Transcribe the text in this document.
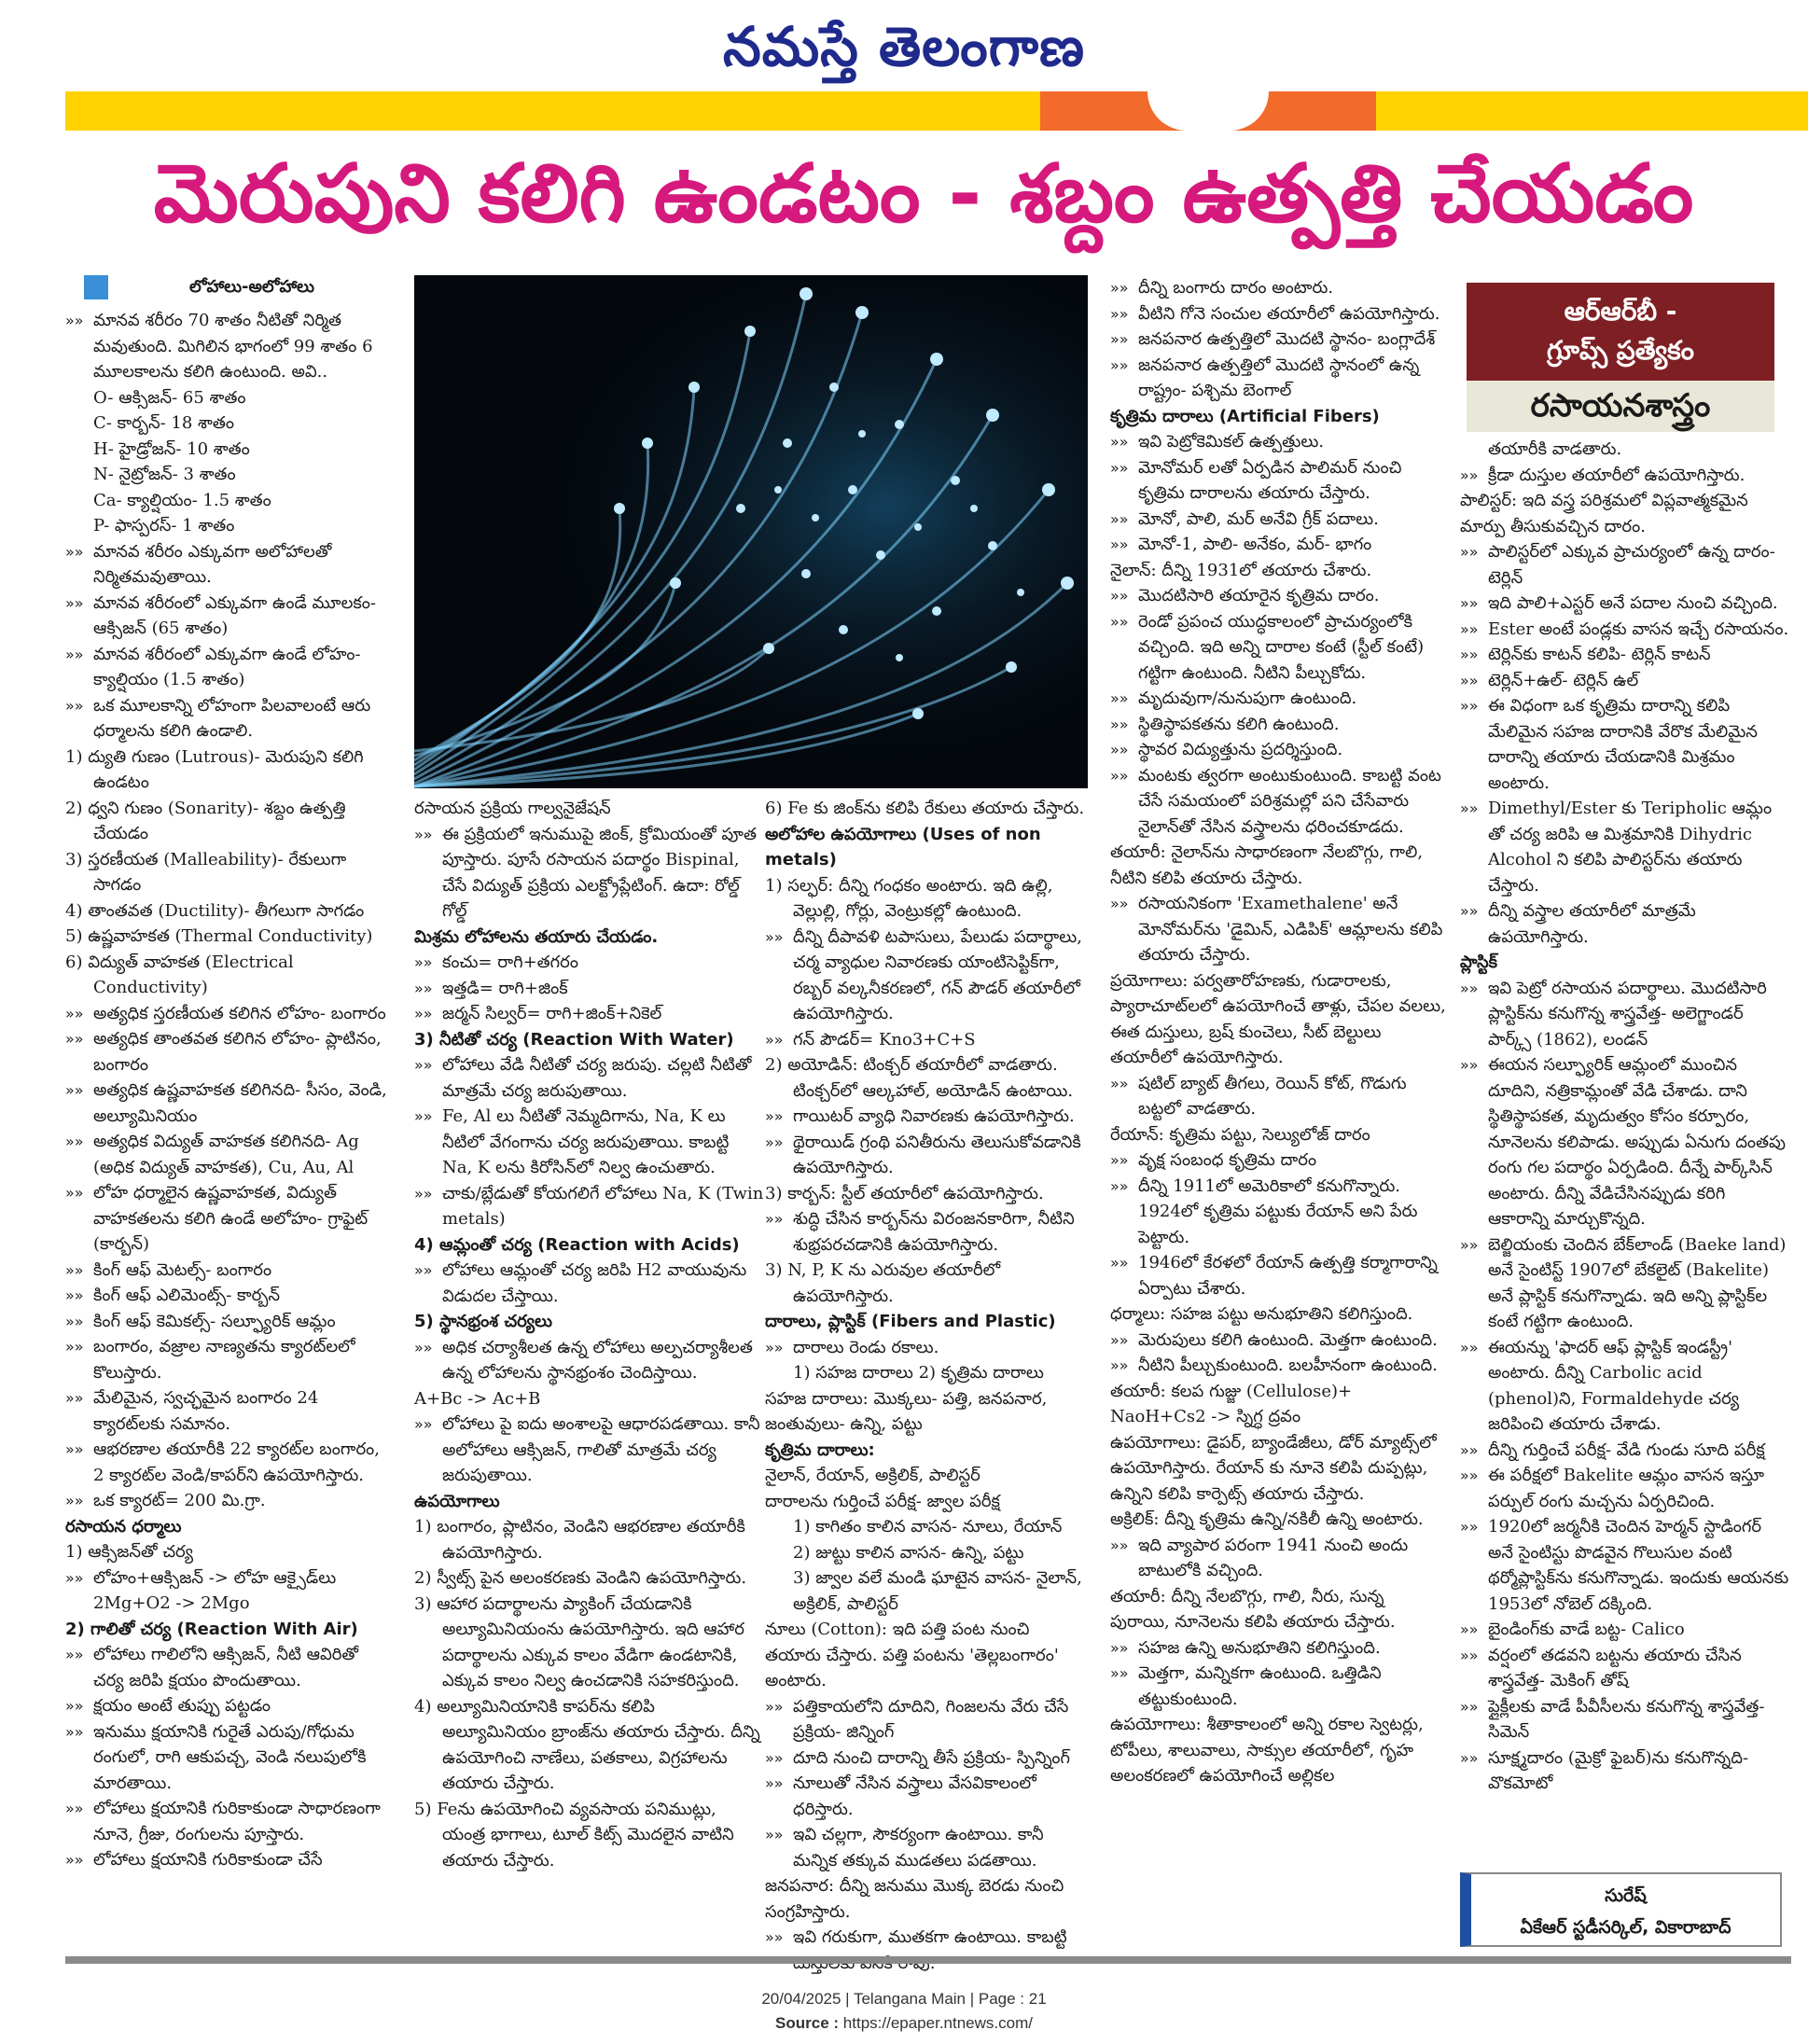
నమస్తే తెలంగాణ
మెరుపుని కలిగి ఉండటం - శబ్దం ఉత్పత్తి చేయడం
లోహాలు-అలోహాలు

»» మానవ శరీరం 70 శాతం నీటితో నిర్మిత మవుతుంది. మిగిలిన భాగంలో 99 శాతం 6 మూలకాలను కలిగి ఉంటుంది. అవి..

O- ఆక్సిజన్- 65 శాతం

C- కార్బన్- 18 శాతం

H- హైడ్రోజన్- 10 శాతం

N- నైట్రోజన్- 3 శాతం

Ca- క్యాల్షియం- 1.5 శాతం

P- ఫాస్పరస్- 1 శాతం

»» మానవ శరీరం ఎక్కువగా అలోహాలతో నిర్మితమవుతాయి.

»» మానవ శరీరంలో ఎక్కువగా ఉండే మూలకం- ఆక్సిజన్ (65 శాతం)

»» మానవ శరీరంలో ఎక్కువగా ఉండే లోహం- క్యాల్షియం (1.5 శాతం)

»» ఒక మూలకాన్ని లోహంగా పిలవాలంటే ఆరు ధర్మాలను కలిగి ఉండాలి.

1) ద్యుతి గుణం (Lutrous)- మెరుపుని కలిగి ఉండటం

2) ధ్వని గుణం (Sonarity)- శబ్దం ఉత్పత్తి చేయడం

3) స్తరణీయత (Malleability)- రేకులుగా సాగడం

4) తాంతవత (Ductility)- తీగలుగా సాగడం

5) ఉష్ణవాహకత (Thermal Conductivity)

6) విద్యుత్ వాహకత (Electrical Conductivity)

»» అత్యధిక స్తరణీయత కలిగిన లోహం- బంగారం

»» అత్యధిక తాంతవత కలిగిన లోహం- ప్లాటినం, బంగారం

»» అత్యధిక ఉష్ణవాహకత కలిగినది- సీసం, వెండి, అల్యూమినియం

»» అత్యధిక విద్యుత్ వాహకత కలిగినది- Ag (అధిక విద్యుత్ వాహకత), Cu, Au, Al

»» లోహ ధర్మాలైన ఉష్ణవాహకత, విద్యుత్ వాహకతలను కలిగి ఉండే అలోహం- గ్రాఫైట్ (కార్బన్)

»» కింగ్ ఆఫ్ మెటల్స్- బంగారం

»» కింగ్ ఆఫ్ ఎలిమెంట్స్- కార్బన్

»» కింగ్ ఆఫ్ కెమికల్స్- సల్ఫ్యూరిక్ ఆమ్లం

»» బంగారం, వజ్రాల నాణ్యతను క్యారట్‌లలో కొలుస్తారు.

»» మేలిమైన, స్వచ్ఛమైన బంగారం 24 క్యారట్‌లకు సమానం.

»» ఆభరణాల తయారీకి 22 క్యారట్‌ల బంగారం, 2 క్యారట్‌ల వెండి/కాపర్‌ని ఉపయోగిస్తారు.

»» ఒక క్యారట్= 200 మి.గ్రా.

రసాయన ధర్మాలు

1) ఆక్సిజన్‌తో చర్య

»» లోహం+ఆక్సిజన్ -> లోహ ఆక్సైడ్‌లు

2Mg+O2 -> 2Mgo

2) గాలితో చర్య (Reaction With Air)

»» లోహాలు గాలిలోని ఆక్సిజన్, నీటి ఆవిరితో చర్య జరిపి క్షయం పొందుతాయి.

»» క్షయం అంటే తుప్పు పట్టడం

»» ఇనుము క్షయానికి గురైతే ఎరుపు/గోధుమ రంగులో, రాగి ఆకుపచ్చ, వెండి నలుపులోకి మారతాయి.

»» లోహాలు క్షయానికి గురికాకుండా సాధారణంగా నూనె, గ్రీజు, రంగులను పూస్తారు.

»» లోహాలు క్షయానికి గురికాకుండా చేసే

రసాయన ప్రక్రియ గాల్వనైజేషన్

»» ఈ ప్రక్రియలో ఇనుముపై జింక్, క్రోమియంతో పూత పూస్తారు. పూసే రసాయన పదార్థం Bispinal, చేసే విద్యుత్ ప్రక్రియ ఎలక్ట్రోప్లేటింగ్. ఉదా: రోల్డ్ గోల్డ్

మిశ్రమ లోహాలను తయారు చేయడం.

»» కంచు= రాగి+తగరం

»» ఇత్తడి= రాగి+జింక్

»» జర్మన్ సిల్వర్= రాగి+జింక్+నికెల్

3) నీటితో చర్య (Reaction With Water)

»» లోహాలు వేడి నీటితో చర్య జరుపు. చల్లటి నీటితో మాత్రమే చర్య జరుపుతాయి.

»» Fe, Al లు నీటితో నెమ్మదిగాను, Na, K లు నీటిలో వేగంగాను చర్య జరుపుతాయి. కాబట్టి Na, K లను కిరోసిన్‌లో నిల్వ ఉంచుతారు.

»» చాకు/బ్లేడుతో కోయగలిగే లోహాలు Na, K (Twin metals)

4) ఆమ్లంతో చర్య (Reaction with Acids)

»» లోహాలు ఆమ్లంతో చర్య జరిపి H2 వాయువును విడుదల చేస్తాయి.

5) స్థానభ్రంశ చర్యలు

»» అధిక చర్యాశీలత ఉన్న లోహాలు అల్పచర్యాశీలత ఉన్న లోహాలను స్థానభ్రంశం చెందిస్తాయి.

A+Bc -> Ac+B

»» లోహాలు పై ఐదు అంశాలపై ఆధారపడతాయి. కానీ అలోహాలు ఆక్సిజన్, గాలితో మాత్రమే చర్య జరుపుతాయి.

ఉపయోగాలు

1) బంగారం, ప్లాటినం, వెండిని ఆభరణాల తయారీకి ఉపయోగిస్తారు.

2) స్వీట్స్ పైన అలంకరణకు వెండిని ఉపయోగిస్తారు.

3) ఆహార పదార్థాలను ప్యాకింగ్ చేయడానికి అల్యూమినియంను ఉపయోగిస్తారు. ఇది ఆహార పదార్థాలను ఎక్కువ కాలం వేడిగా ఉండటానికి, ఎక్కువ కాలం నిల్వ ఉంచడానికి సహకరిస్తుంది.

4) అల్యూమినియానికి కాపర్‌ను కలిపి అల్యూమినియం బ్రాంజ్‌ను తయారు చేస్తారు. దీన్ని ఉపయోగించి నాణేలు, పతకాలు, విగ్రహాలను తయారు చేస్తారు.

5) Feను ఉపయోగించి వ్యవసాయ పనిముట్లు, యంత్ర భాగాలు, టూల్ కిట్స్ మొదలైన వాటిని తయారు చేస్తారు.

6) Fe కు జింక్‌ను కలిపి రేకులు తయారు చేస్తారు.

అలోహాల ఉపయోగాలు (Uses of non metals)

1) సల్ఫర్: దీన్ని గంధకం అంటారు. ఇది ఉల్లి, వెల్లుల్లి, గోర్లు, వెంట్రుకల్లో ఉంటుంది.

»» దీన్ని దీపావళి టపాసులు, పేలుడు పదార్థాలు, చర్మ వ్యాధుల నివారణకు యాంటిసెప్టిక్‌గా, రబ్బర్ వల్కనీకరణలో, గన్ పౌడర్ తయారీలో ఉపయోగిస్తారు.

»» గన్ పౌడర్= Kno3+C+S

2) అయోడిన్: టింక్చర్ తయారీలో వాడతారు. టింక్చర్‌లో ఆల్కహాల్, అయోడిన్ ఉంటాయి.

»» గాయిటర్ వ్యాధి నివారణకు ఉపయోగిస్తారు.

»» థైరాయిడ్ గ్రంథి పనితీరును తెలుసుకోవడానికి ఉపయోగిస్తారు.

3) కార్బన్: స్టీల్ తయారీలో ఉపయోగిస్తారు.

»» శుద్ధి చేసిన కార్బన్‌ను విరంజనకారిగా, నీటిని శుభ్రపరచడానికి ఉపయోగిస్తారు.

3) N, P, K ను ఎరువుల తయారీలో ఉపయోగిస్తారు.

దారాలు, ప్లాస్టిక్ (Fibers and Plastic)

»» దారాలు రెండు రకాలు.

1) సహజ దారాలు 2) కృత్రిమ దారాలు

సహజ దారాలు: మొక్కలు- పత్తి, జనపనార, జంతువులు- ఉన్ని, పట్టు

కృత్రిమ దారాలు:

నైలాన్, రేయాన్, అక్రిలిక్, పాలిస్టర్

దారాలను గుర్తించే పరీక్ష- జ్వాల పరీక్ష

1) కాగితం కాలిన వాసన- నూలు, రేయాన్

2) జుట్టు కాలిన వాసన- ఉన్ని, పట్టు

3) జ్వాల వలే మండి ఘాటైన వాసన- నైలాన్, అక్రిలిక్, పాలిస్టర్

నూలు (Cotton): ఇది పత్తి పంట నుంచి తయారు చేస్తారు. పత్తి పంటను 'తెల్లబంగారం' అంటారు.

»» పత్తికాయలోని దూదిని, గింజలను వేరు చేసే ప్రక్రియ- జిన్నింగ్

»» దూది నుంచి దారాన్ని తీసే ప్రక్రియ- స్పిన్నింగ్

»» నూలుతో నేసిన వస్త్రాలు వేసవికాలంలో ధరిస్తారు.

»» ఇవి చల్లగా, సౌకర్యంగా ఉంటాయి. కానీ మన్నిక తక్కువ ముడతలు పడతాయి.

జనపనార: దీన్ని జనుము మొక్క బెరడు నుంచి సంగ్రహిస్తారు.

»» ఇవి గరుకుగా, ముతకగా ఉంటాయి. కాబట్టి

»» దీన్ని బంగారు దారం అంటారు.

»» వీటిని గోనె సంచుల తయారీలో ఉపయోగిస్తారు.

»» జనపనార ఉత్పత్తిలో మొదటి స్థానం- బంగ్లాదేశ్

»» జనపనార ఉత్పత్తిలో మొదటి స్థానంలో ఉన్న రాష్ట్రం- పశ్చిమ బెంగాల్

కృత్రిమ దారాలు (Artificial Fibers)

»» ఇవి పెట్రోకెమికల్ ఉత్పత్తులు.

»» మోనోమర్ లతో ఏర్పడిన పాలిమర్ నుంచి కృత్రిమ దారాలను తయారు చేస్తారు.

»» మోనో, పాలి, మర్ అనేవి గ్రీక్ పదాలు.

»» మోనో-1, పాలి- అనేకం, మర్- భాగం

నైలాన్: దీన్ని 1931లో తయారు చేశారు.

»» మొదటిసారి తయారైన కృత్రిమ దారం.

»» రెండో ప్రపంచ యుద్ధకాలంలో ప్రాచుర్యంలోకి వచ్చింది. ఇది అన్ని దారాల కంటే (స్టీల్ కంటే) గట్టిగా ఉంటుంది. నీటిని పీల్చుకోదు.

»» మృదువుగా/నునుపుగా ఉంటుంది.

»» స్థితిస్థాపకతను కలిగి ఉంటుంది.

»» స్థావర విద్యుత్తును ప్రదర్శిస్తుంది.

»» మంటకు త్వరగా అంటుకుంటుంది. కాబట్టి వంట చేసే సమయంలో పరిశ్రమల్లో పని చేసేవారు నైలాన్‌తో నేసిన వస్త్రాలను ధరించకూడదు.

తయారీ: నైలాన్‌ను సాధారణంగా నేలబొగ్గు, గాలి, నీటిని కలిపి తయారు చేస్తారు.

»» రసాయనికంగా 'Examethalene' అనే మోనోమర్‌ను 'డైమిన్, ఎడిపిక్' ఆమ్లాలను కలిపి తయారు చేస్తారు.

ప్రయోగాలు: పర్వతారోహణకు, గుడారాలకు, ప్యారాచూట్‌లలో ఉపయోగించే తాళ్లు, చేపల వలలు, ఈత దుస్తులు, బ్రష్ కుంచెలు, సీట్ బెల్టులు తయారీలో ఉపయోగిస్తారు.

»» షటిల్ బ్యాట్ తీగలు, రెయిన్ కోట్, గొడుగు బట్టలో వాడతారు.

రేయాన్: కృత్రిమ పట్టు, సెల్యులోజ్ దారం

»» వృక్ష సంబంధ కృత్రిమ దారం

»» దీన్ని 1911లో అమెరికాలో కనుగొన్నారు. 1924లో కృత్రిమ పట్టుకు రేయాన్ అని పేరు పెట్టారు.

»» 1946లో కేరళలో రేయాన్ ఉత్పత్తి కర్మాగారాన్ని ఏర్పాటు చేశారు.

ధర్మాలు: సహజ పట్టు అనుభూతిని కలిగిస్తుంది.

»» మెరుపులు కలిగి ఉంటుంది. మెత్తగా ఉంటుంది.

»» నీటిని పీల్చుకుంటుంది. బలహీనంగా ఉంటుంది.

తయారీ: కలప గుజ్జు (Cellulose)+ NaoH+Cs2 -> స్నిగ్ధ ద్రవం

ఉపయోగాలు: డైపర్, బ్యాండేజీలు, డోర్ మ్యాట్స్‌లో ఉపయోగిస్తారు. రేయాన్ కు నూనె కలిపి దుప్పట్లు, ఉన్నిని కలిపి కార్పెట్స్ తయారు చేస్తారు.

అక్రిలిక్: దీన్ని కృత్రిమ ఉన్ని/నకిలీ ఉన్ని అంటారు.

»» ఇది వ్యాపార పరంగా 1941 నుంచి అందు బాటులోకి వచ్చింది.

తయారీ: దీన్ని నేలబొగ్గు, గాలి, నీరు, సున్న పురాయి, నూనెలను కలిపి తయారు చేస్తారు.

»» సహజ ఉన్ని అనుభూతిని కలిగిస్తుంది.

»» మెత్తగా, మన్నికగా ఉంటుంది. ఒత్తిడిని తట్టుకుంటుంది.

ఉపయోగాలు: శీతాకాలంలో అన్ని రకాల స్వెటర్లు, టోపీలు, శాలువాలు, సాక్సుల తయారీలో, గృహ అలంకరణలో ఉపయోగించే అల్లికల

ఆర్‌ఆర్‌బీ -
గ్రూప్స్ ప్రత్యేకం
రసాయనశాస్త్రం

తయారీకి వాడతారు.

»» క్రీడా దుస్తుల తయారీలో ఉపయోగిస్తారు.

పాలిస్టర్: ఇది వస్త్ర పరిశ్రమలో విప్లవాత్మకమైన మార్పు తీసుకువచ్చిన దారం.

»» పాలిస్టర్‌లో ఎక్కువ ప్రాచుర్యంలో ఉన్న దారం- టెర్లిన్

»» ఇది పాలి+ఎస్టర్ అనే పదాల నుంచి వచ్చింది.

»» Ester అంటే పండ్లకు వాసన ఇచ్చే రసాయనం.

»» టెర్లిన్‌కు కాటన్ కలిపి- టెర్లిన్ కాటన్

»» టెర్లిన్+ఉల్- టెర్లిన్ ఉల్

»» ఈ విధంగా ఒక కృత్రిమ దారాన్ని కలిపి మేలిమైన సహజ దారానికి వేరొక మేలిమైన దారాన్ని తయారు చేయడానికి మిశ్రమం అంటారు.

»» Dimethyl/Ester కు Teripholic ఆమ్లం తో చర్య జరిపి ఆ మిశ్రమానికి Dihydric Alcohol ని కలిపి పాలిస్టర్‌ను తయారు చేస్తారు.

»» దీన్ని వస్త్రాల తయారీలో మాత్రమే ఉపయోగిస్తారు.

ప్లాస్టిక్

»» ఇవి పెట్రో రసాయన పదార్థాలు. మొదటిసారి ప్లాస్టిక్‌ను కనుగొన్న శాస్త్రవేత్త- అలెగ్జాండర్ పార్క్స్ (1862), లండన్

»» ఈయన సల్ఫ్యూరిక్ ఆమ్లంలో ముంచిన దూదిని, నత్రికామ్లంతో వేడి చేశాడు. దాని స్థితిస్థాపకత, మృదుత్వం కోసం కర్పూరం, నూనెలను కలిపాడు. అప్పుడు ఏనుగు దంతపు రంగు గల పదార్థం ఏర్పడింది. దీన్నే పార్క్‌సిన్ అంటారు. దీన్ని వేడిచేసినప్పుడు కరిగి ఆకారాన్ని మార్చుకొన్నది.

»» బెల్జియంకు చెందిన బేక్‌లాండ్ (Baeke land) అనే సైంటిస్ట్ 1907లో బేకలైట్ (Bakelite) అనే ప్లాస్టిక్ కనుగొన్నాడు. ఇది అన్ని ప్లాస్టిక్‌ల కంటే గట్టిగా ఉంటుంది.

»» ఈయన్ను 'ఫాదర్ ఆఫ్ ప్లాస్టిక్ ఇండస్ట్రీ' అంటారు. దీన్ని Carbolic acid (phenol)ని, Formaldehyde చర్య జరిపించి తయారు చేశాడు.

»» దీన్ని గుర్తించే పరీక్ష- వేడి గుండు సూది పరీక్ష

»» ఈ పరీక్షలో Bakelite ఆమ్లం వాసన ఇస్తూ పర్పుల్ రంగు మచ్చను ఏర్పరిచింది.

»» 1920లో జర్మనీకి చెందిన హెర్మన్ స్టాడింగర్ అనే సైంటిస్టు పొడవైన గొలుసుల వంటి థర్మోప్లాస్టిక్‌ను కనుగొన్నాడు. ఇందుకు ఆయనకు 1953లో నోబెల్ దక్కింది.

»» బైండింగ్‌కు వాడే బట్ట- Calico

»» వర్షంలో తడవని బట్టను తయారు చేసిన శాస్త్రవేత్త- మెకింగ్ తోష్

»» ప్లైక్లీలకు వాడే పీవీసీలను కనుగొన్న శాస్త్రవేత్త- సిమెన్

»» సూక్ష్మదారం (మైక్రో ఫైబర్)ను కనుగొన్నది- వొకమోటో

సురేష్
ఏకేఆర్ స్టడీసర్కిల్, వికారాబాద్
20/04/2025 | Telangana Main | Page : 21
Source : https://epaper.ntnews.com/
